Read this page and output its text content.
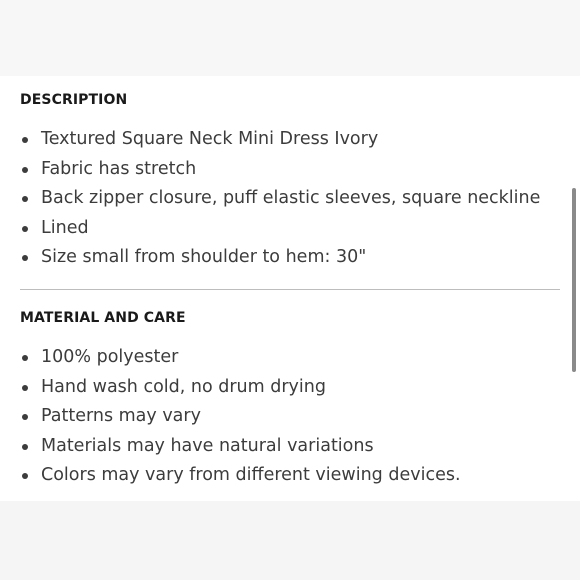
DESCRIPTION
Textured Square Neck Mini Dress Ivory
Fabric has stretch
Back zipper closure, puff elastic sleeves, square neckline
Lined
Size small from shoulder to hem: 30"
MATERIAL AND CARE
100% polyester
Hand wash cold, no drum drying
Patterns may vary
Materials may have natural variations
Colors may vary from different viewing devices.
